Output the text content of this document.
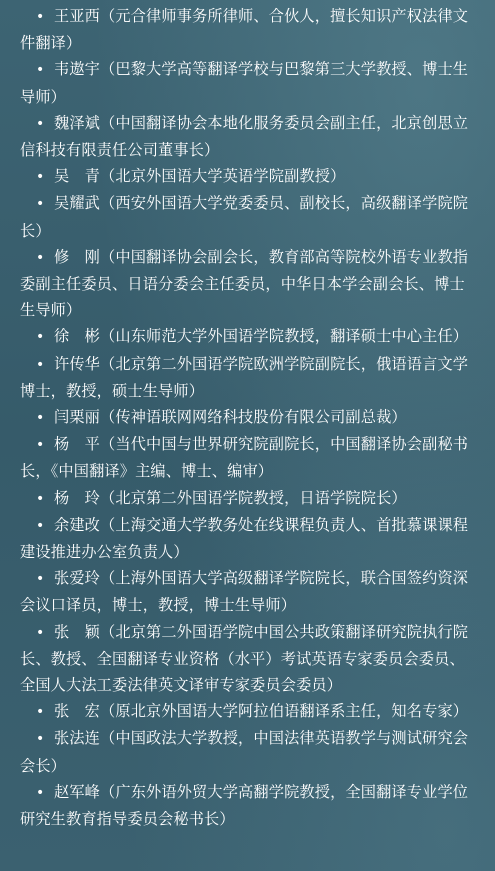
• 王亚西（元合律师事务所律师、合伙人，擅长知识产权法律文件翻译）
• 韦遨宇（巴黎大学高等翻译学校与巴黎第三大学教授、博士生导师）
• 魏泽斌（中国翻译协会本地化服务委员会副主任，北京创思立信科技有限责任公司董事长）
• 吴　青（北京外国语大学英语学院副教授）
• 吴耀武（西安外国语大学党委委员、副校长，高级翻译学院院长）
• 修　刚（中国翻译协会副会长，教育部高等院校外语专业教指委副主任委员、日语分委会主任委员，中华日本学会副会长、博士生导师）
• 徐　彬（山东师范大学外国语学院教授，翻译硕士中心主任）
• 许传华（北京第二外国语学院欧洲学院副院长，俄语语言文学博士，教授，硕士生导师）
• 闫栗丽（传神语联网网络科技股份有限公司副总裁）
• 杨　平（当代中国与世界研究院副院长，中国翻译协会副秘书长，《中国翻译》主编、博士、编审）
• 杨　玲（北京第二外国语学院教授，日语学院院长）
• 余建改（上海交通大学教务处在线课程负责人、首批慕课课程建设推进办公室负责人）
• 张爱玲（上海外国语大学高级翻译学院院长，联合国签约资深会议口译员，博士，教授，博士生导师）
• 张　颖（北京第二外国语学院中国公共政策翻译研究院执行院长、教授、全国翻译专业资格（水平）考试英语专家委员会委员、全国人大法工委法律英文译审专家委员会委员）
• 张　宏（原北京外国语大学阿拉伯语翻译系主任，知名专家）
• 张法连（中国政法大学教授，中国法律英语教学与测试研究会会长）
• 赵军峰（广东外语外贸大学高翻学院教授，全国翻译专业学位研究生教育指导委员会秘书长）
